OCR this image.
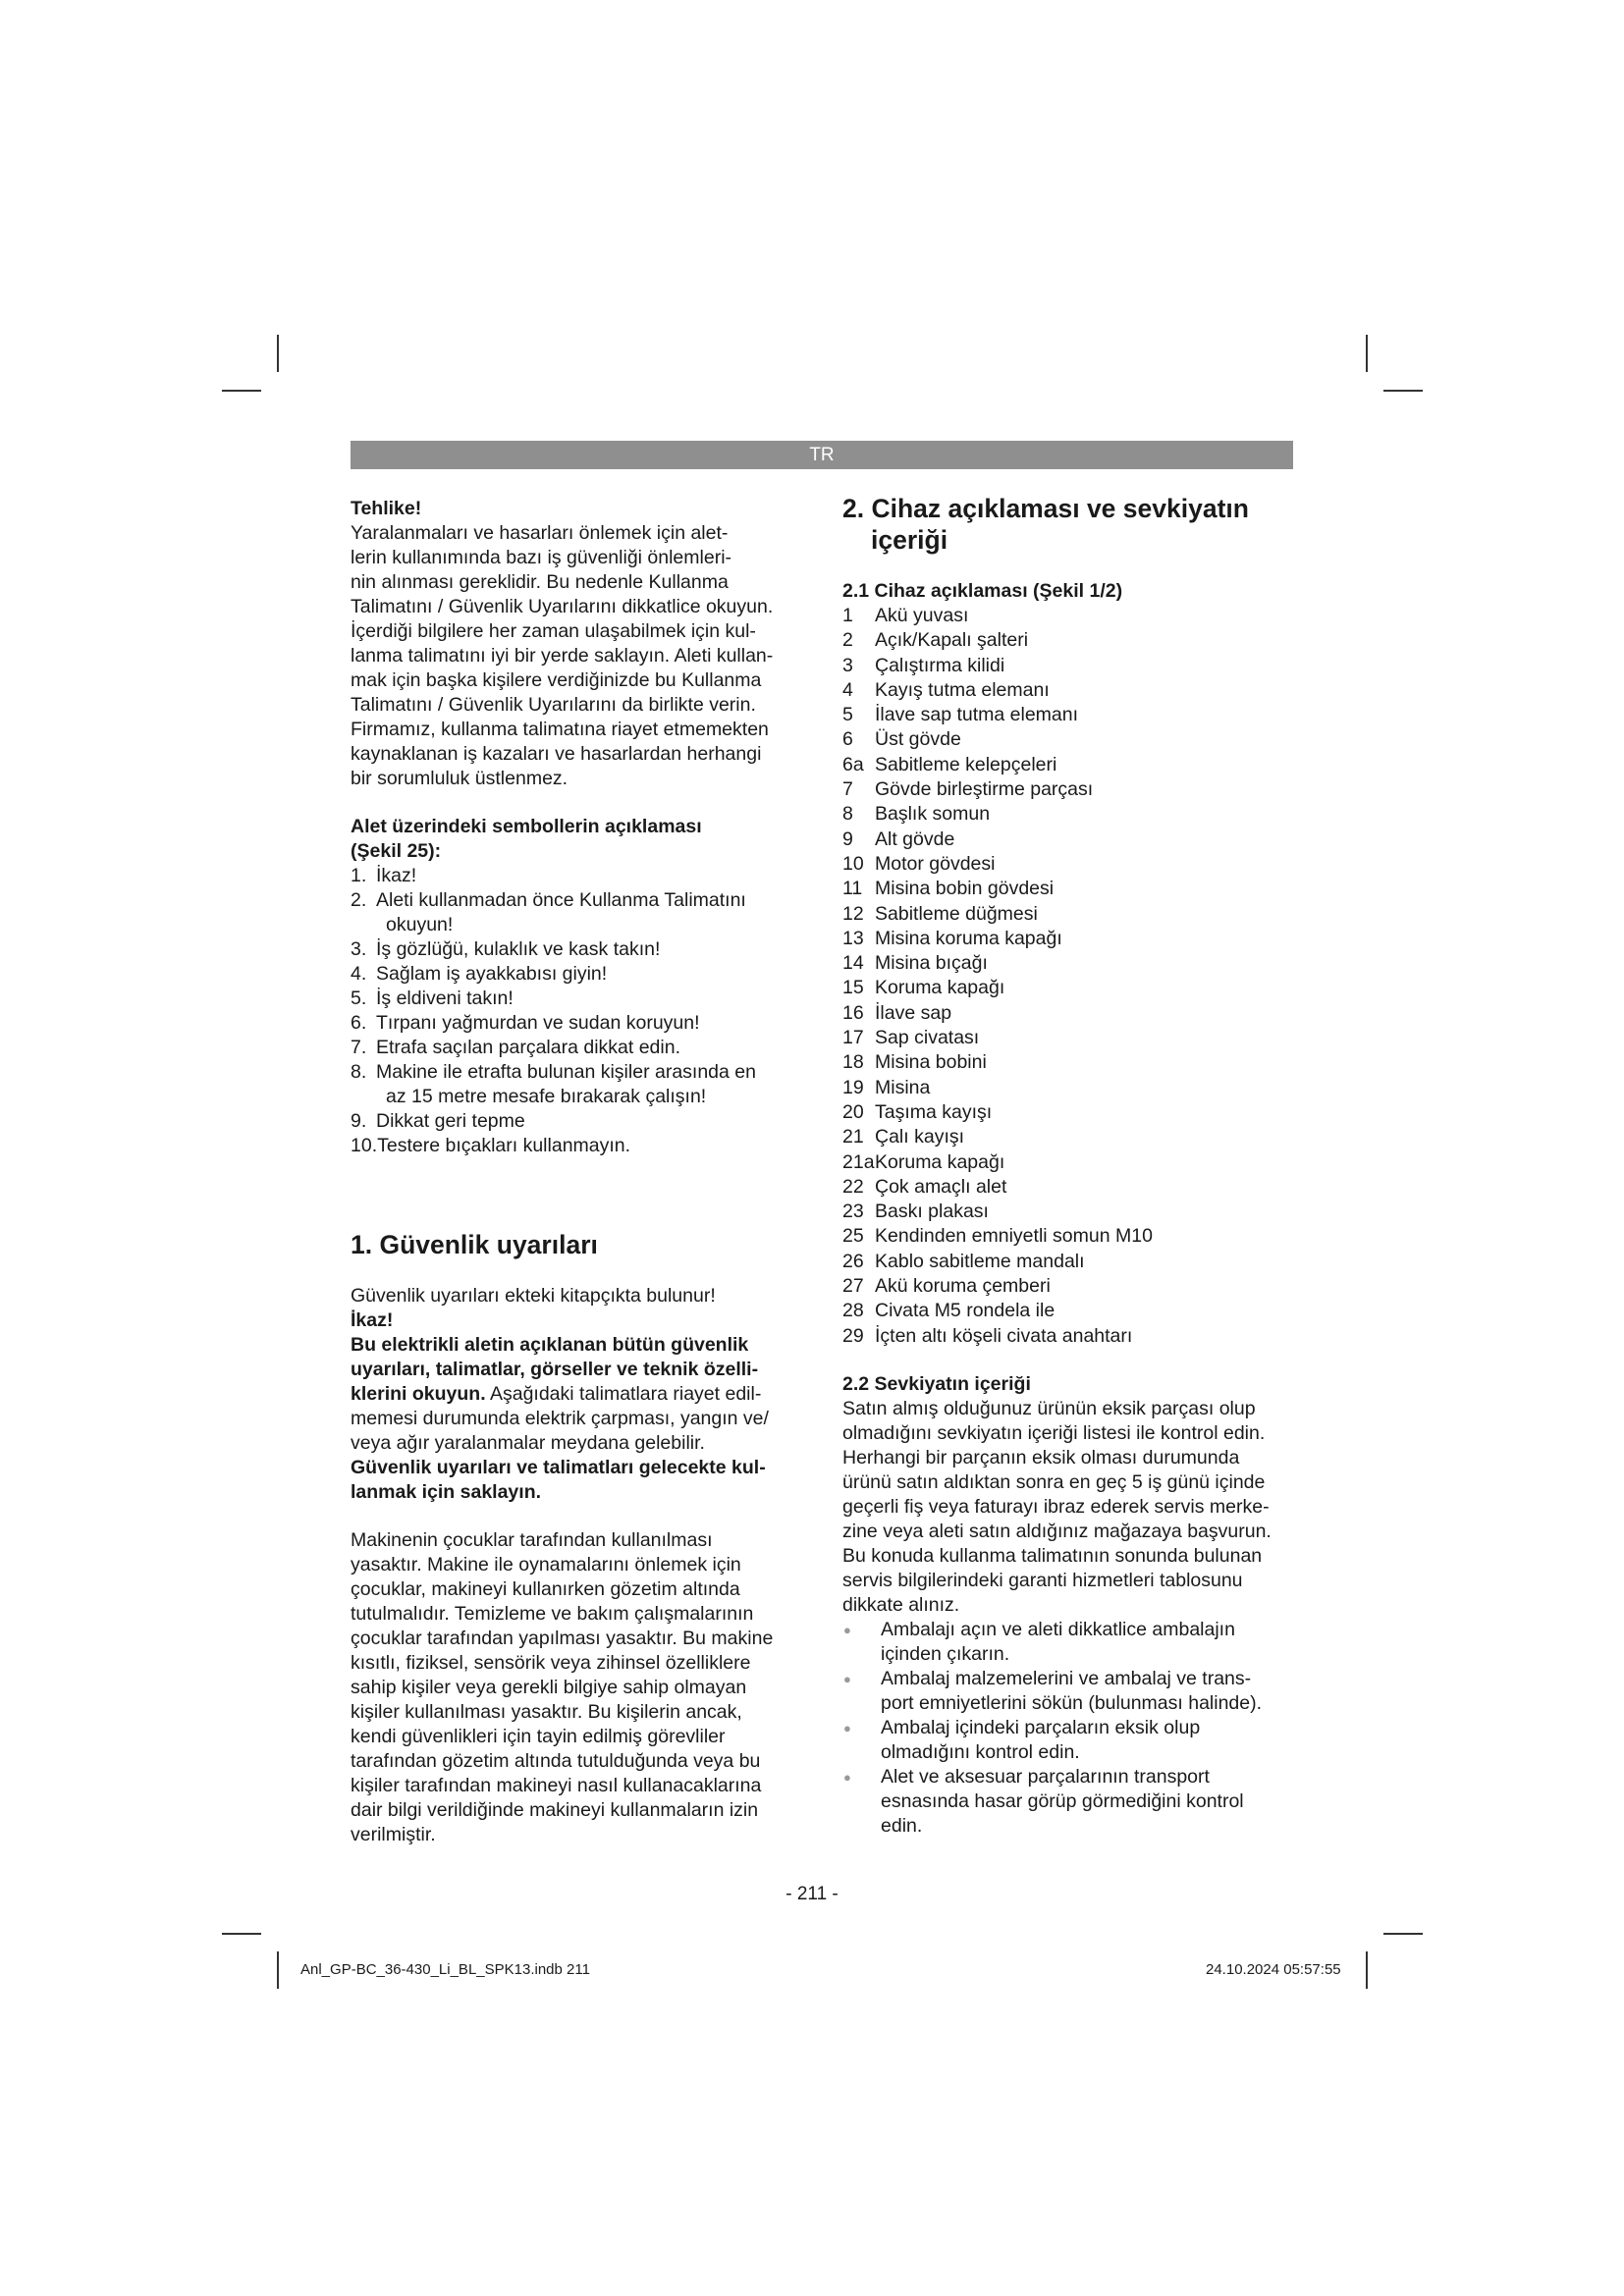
TR

Tehlike!

Yaralanmaları ve hasarları önlemek için alet-
lerin kullanımında bazı iş güvenliği önlemleri-
nin alınması gereklidir. Bu nedenle Kullanma
Talimatını / Güvenlik Uyarılarını dikkatlice okuyun.
İçerdiği bilgilere her zaman ulaşabilmek için kul-
lanma talimatını iyi bir yerde saklayın. Aleti kullan-
mak için başka kişilere verdiğinizde bu Kullanma
Talimatını / Güvenlik Uyarılarını da birlikte verin.
Firmamız, kullanma talimatına riayet etmemekten
kaynaklanan iş kazaları ve hasarlardan herhangi
bir sorumluluk üstlenmez.

Alet üzerindeki sembollerin açıklaması
(Şekil 25):

1. İkaz!
2. Aleti kullanmadan önce Kullanma Talimatını
okuyun!
3. İş gözlüğü, kulaklık ve kask takın!
4. Sağlam iş ayakkabısı giyin!
5. İş eldiveni takın!
6. Tırpanı yağmurdan ve sudan koruyun!
7. Etrafa saçılan parçalara dikkat edin.
8. Makine ile etrafta bulunan kişiler arasında en
az 15 metre mesafe bırakarak çalışın!
9. Dikkat geri tepme
10. Testere bıçakları kullanmayın.

1. Güvenlik uyarıları

Güvenlik uyarıları ekteki kitapçıkta bulunur!

İkaz!

Bu elektrikli aletin açıklanan bütün güvenlik
uyarıları, talimatlar, görseller ve teknik özelli-
klerini okuyun. Aşağıdaki talimatlara riayet edil-
memesi durumunda elektrik çarpması, yangın ve/
veya ağır yaralanmalar meydana gelebilir.

Güvenlik uyarıları ve talimatları gelecekte kul-
lanmak için saklayın.

Makinenin çocuklar tarafından kullanılması
yasaktır. Makine ile oynamalarını önlemek için
çocuklar, makineyi kullanırken gözetim altında
tutulmalıdır. Temizleme ve bakım çalışmalarının
çocuklar tarafından yapılması yasaktır. Bu makine
kısıtlı, fiziksel, sensörik veya zihinsel özelliklere
sahip kişiler veya gerekli bilgiye sahip olmayan
kişiler kullanılması yasaktır. Bu kişilerin ancak,
kendi güvenlikleri için tayin edilmiş görevliler
tarafından gözetim altında tutulduğunda veya bu
kişiler tarafından makineyi nasıl kullanacaklarına
dair bilgi verildiğinde makineyi kullanmaların izin
verilmiştir.

2. Cihaz açıklaması ve sevkiyatın
içeriği

2.1 Cihaz açıklaması (Şekil 1/2)

1	Akü yuvası
2	Açık/Kapalı şalteri
3	Çalıştırma kilidi
4	Kayış tutma elemanı
5	İlave sap tutma elemanı
6	Üst gövde
6a Sabitleme kelepçeleri
7	Gövde birleştirme parçası
8	Başlık somun
9	Alt gövde
10 Motor gövdesi
11 Misina bobin gövdesi
12 Sabitleme düğmesi
13 Misina koruma kapağı
14 Misina bıçağı
15 Koruma kapağı
16 İlave sap
17 Sap civatası
18 Misina bobini
19 Misina
20 Taşıma kayışı
21 Çalı kayışı
21a Koruma kapağı
22 Çok amaçlı alet
23 Baskı plakası
25 Kendinden emniyetli somun M10
26 Kablo sabitleme mandalı
27 Akü koruma çemberi
28 Civata M5 rondela ile
29 İçten altı köşeli civata anahtarı

2.2 Sevkiyatın içeriği

Satın almış olduğunuz ürünün eksik parçası olup
olmadığını sevkiyatın içeriği listesi ile kontrol edin.
Herhangi bir parçanın eksik olması durumunda
ürünü satın aldıktan sonra en geç 5 iş günü içinde
geçerli fiş veya faturayı ibraz ederek servis merke-
zine veya aleti satın aldığınız mağazaya başvurun.
Bu konuda kullanma talimatının sonunda bulunan
servis bilgilerindeki garanti hizmetleri tablosunu
dikkate alınız.

●	Ambalajı açın ve aleti dikkatlice ambalajın
içinden çıkarın.
●	Ambalaj malzemelerini ve ambalaj ve trans-
port emniyetlerini sökün (bulunması halinde).
●	Ambalaj içindeki parçaların eksik olup
olmadığını kontrol edin.
●	Alet ve aksesuar parçalarının transport
esnasında hasar görüp görmediğini kontrol
edin.
- 211 -
Anl_GP-BC_36-430_Li_BL_SPK13.indb 211	24.10.2024 05:57:55
